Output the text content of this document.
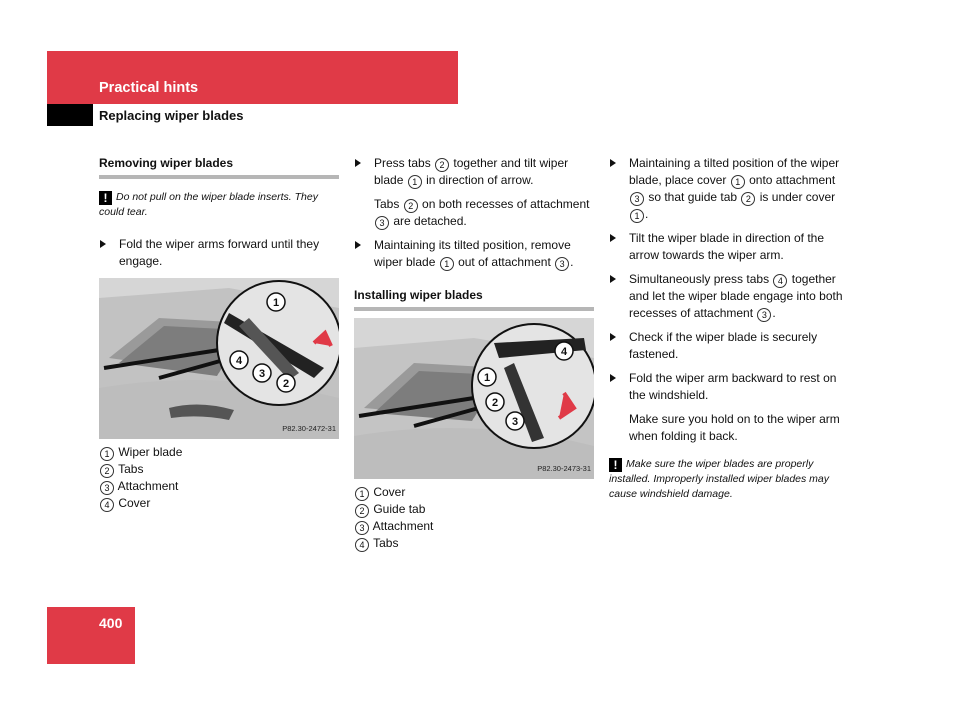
Practical hints
Replacing wiper blades
Removing wiper blades
! Do not pull on the wiper blade inserts. They could tear.
Fold the wiper arms forward until they engage.
1
4
3
2
P82.30-2472-31
1 Wiper blade
2 Tabs
3 Attachment
4 Cover
Press tabs 2 together and tilt wiper blade 1 in direction of arrow.
Tabs 2 on both recesses of attachment 3 are detached.
Maintaining its tilted position, remove wiper blade 1 out of attachment 3 .
Installing wiper blades
4
1
2
3
P82.30-2473-31
1 Cover
2 Guide tab
3 Attachment
4 Tabs
Maintaining a tilted position of the wiper blade, place cover 1 onto attachment 3 so that guide tab 2 is under cover 1 .
Tilt the wiper blade in direction of the arrow towards the wiper arm.
Simultaneously press tabs 4 together and let the wiper blade engage into both recesses of attachment 3 .
Check if the wiper blade is securely fastened.
Fold the wiper arm backward to rest on the windshield.
Make sure you hold on to the wiper arm when folding it back.
! Make sure the wiper blades are properly installed. Improperly installed wiper blades may cause windshield damage.
400
